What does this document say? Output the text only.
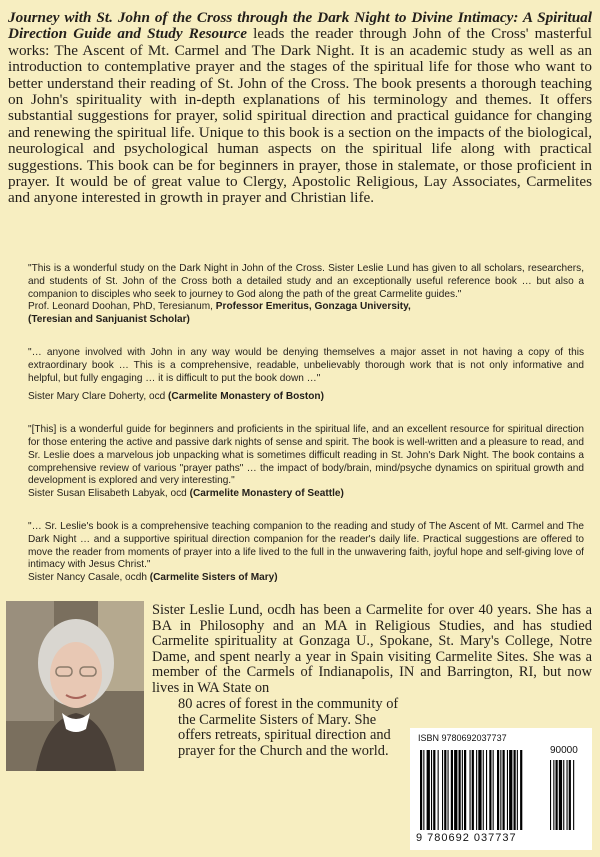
Journey with St. John of the Cross through the Dark Night to Divine Intimacy: A Spiritual Direction Guide and Study Resource leads the reader through John of the Cross' masterful works: The Ascent of Mt. Carmel and The Dark Night. It is an academic study as well as an introduction to contemplative prayer and the stages of the spiritual life for those who want to better understand their reading of St. John of the Cross. The book presents a thorough teaching on John's spirituality with in-depth explanations of his terminology and themes. It offers substantial suggestions for prayer, solid spiritual direction and practical guidance for changing and renewing the spiritual life. Unique to this book is a section on the impacts of the biological, neurological and psychological human aspects on the spiritual life along with practical suggestions. This book can be for beginners in prayer, those in stalemate, or those proficient in prayer. It would be of great value to Clergy, Apostolic Religious, Lay Associates, Carmelites and anyone interested in growth in prayer and Christian life.

"This is a wonderful study on the Dark Night in John of the Cross. Sister Leslie Lund has given to all scholars, researchers, and students of St. John of the Cross both a detailed study and an exceptionally useful reference book … but also a companion to disciples who seek to journey to God along the path of the great Carmelite guides."

Prof. Leonard Doohan, PhD, Teresianum, Professor Emeritus, Gonzaga University,

(Teresian and Sanjuanist Scholar)

"… anyone involved with John in any way would be denying themselves a major asset in not having a copy of this extraordinary book … This is a comprehensive, readable, unbelievably thorough work that is not only informative and helpful, but fully engaging … it is difficult to put the book down …"

Sister Mary Clare Doherty, ocd (Carmelite Monastery of Boston)

"[This] is a wonderful guide for beginners and proficients in the spiritual life, and an excellent resource for spiritual direction for those entering the active and passive dark nights of sense and spirit. The book is well-written and a pleasure to read, and Sr. Leslie does a marvelous job unpacking what is sometimes difficult reading in St. John's Dark Night. The book contains a comprehensive review of various "prayer paths" … the impact of body/brain, mind/psyche dynamics on spiritual growth and development is explored and very interesting."

Sister Susan Elisabeth Labyak, ocd (Carmelite Monastery of Seattle)

"… Sr. Leslie's book is a comprehensive teaching companion to the reading and study of The Ascent of Mt. Carmel and The Dark Night … and a supportive spiritual direction companion for the reader's daily life. Practical suggestions are offered to move the reader from moments of prayer into a life lived to the full in the unwavering faith, joyful hope and self-giving love of intimacy with Jesus Christ."

Sister Nancy Casale, ocdh (Carmelite Sisters of Mary)

Sister Leslie Lund, ocdh has been a Carmelite for over 40 years. She has a BA in Philosophy and an MA in Religious Studies, and has studied Carmelite spirituality at Gonzaga U., Spokane, St. Mary's College, Notre Dame, and spent nearly a year in Spain visiting Carmelite Sites. She was a member of the Carmels of Indianapolis, IN and Barrington, RI, but now lives in WA State on

80 acres of forest in the community of the Carmelite Sisters of Mary. She offers retreats, spiritual direction and prayer for the Church and the world.

ISBN 9780692037737
90000
9 780692 037737
